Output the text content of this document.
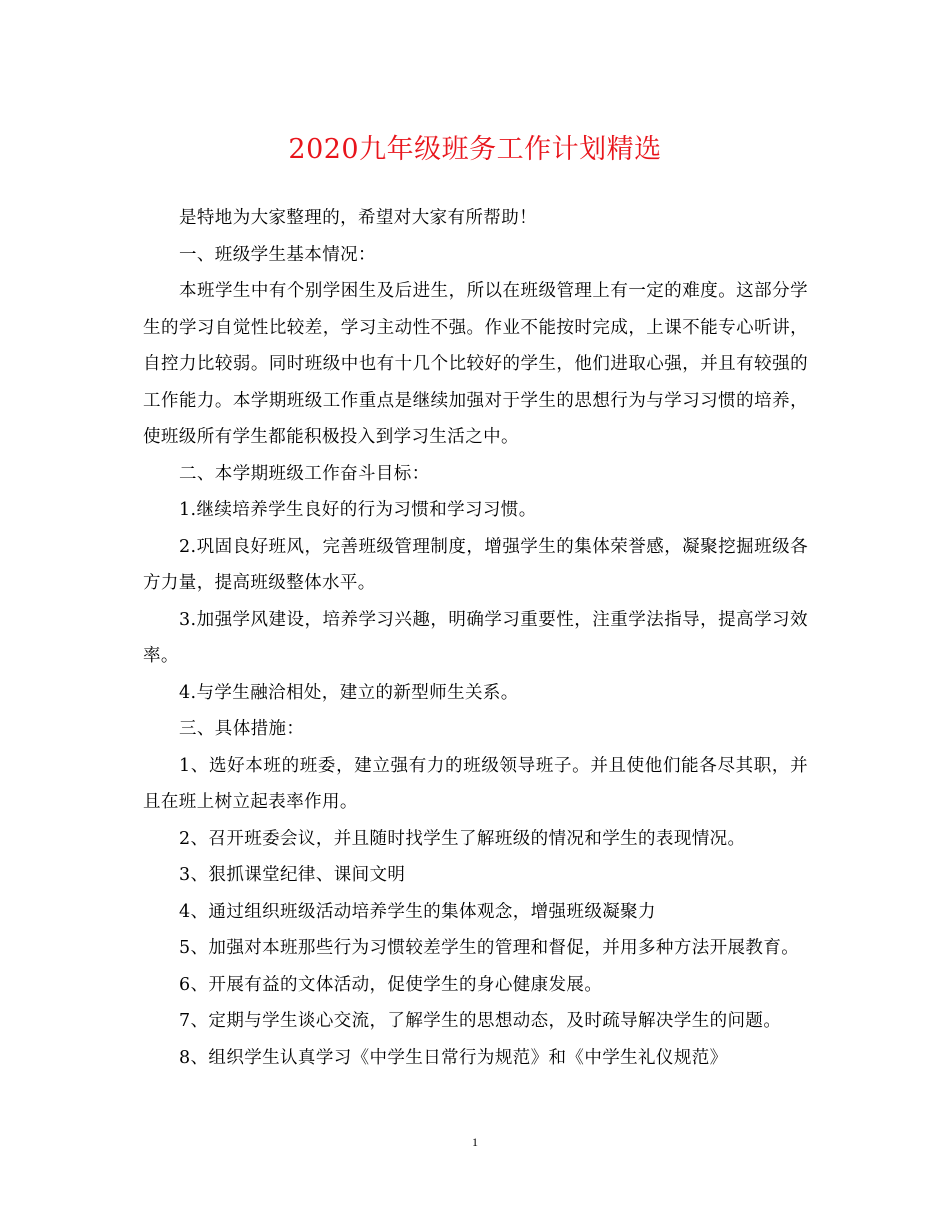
2020九年级班务工作计划精选

是特地为大家整理的，希望对大家有所帮助！

一、班级学生基本情况：

本班学生中有个别学困生及后进生，所以在班级管理上有一定的难度。这部分学生的学习自觉性比较差，学习主动性不强。作业不能按时完成，上课不能专心听讲，自控力比较弱。同时班级中也有十几个比较好的学生，他们进取心强，并且有较强的工作能力。本学期班级工作重点是继续加强对于学生的思想行为与学习习惯的培养，使班级所有学生都能积极投入到学习生活之中。

二、本学期班级工作奋斗目标：

1.继续培养学生良好的行为习惯和学习习惯。

2.巩固良好班风，完善班级管理制度，增强学生的集体荣誉感，凝聚挖掘班级各方力量，提高班级整体水平。

3.加强学风建设，培养学习兴趣，明确学习重要性，注重学法指导，提高学习效率。

4.与学生融洽相处，建立的新型师生关系。

三、具体措施：

1、选好本班的班委，建立强有力的班级领导班子。并且使他们能各尽其职，并且在班上树立起表率作用。

2、召开班委会议，并且随时找学生了解班级的情况和学生的表现情况。

3、狠抓课堂纪律、课间文明

4、通过组织班级活动培养学生的集体观念，增强班级凝聚力

5、加强对本班那些行为习惯较差学生的管理和督促，并用多种方法开展教育。

6、开展有益的文体活动，促使学生的身心健康发展。

7、定期与学生谈心交流，了解学生的思想动态，及时疏导解决学生的问题。

8、组织学生认真学习《中学生日常行为规范》和《中学生礼仪规范》

1
